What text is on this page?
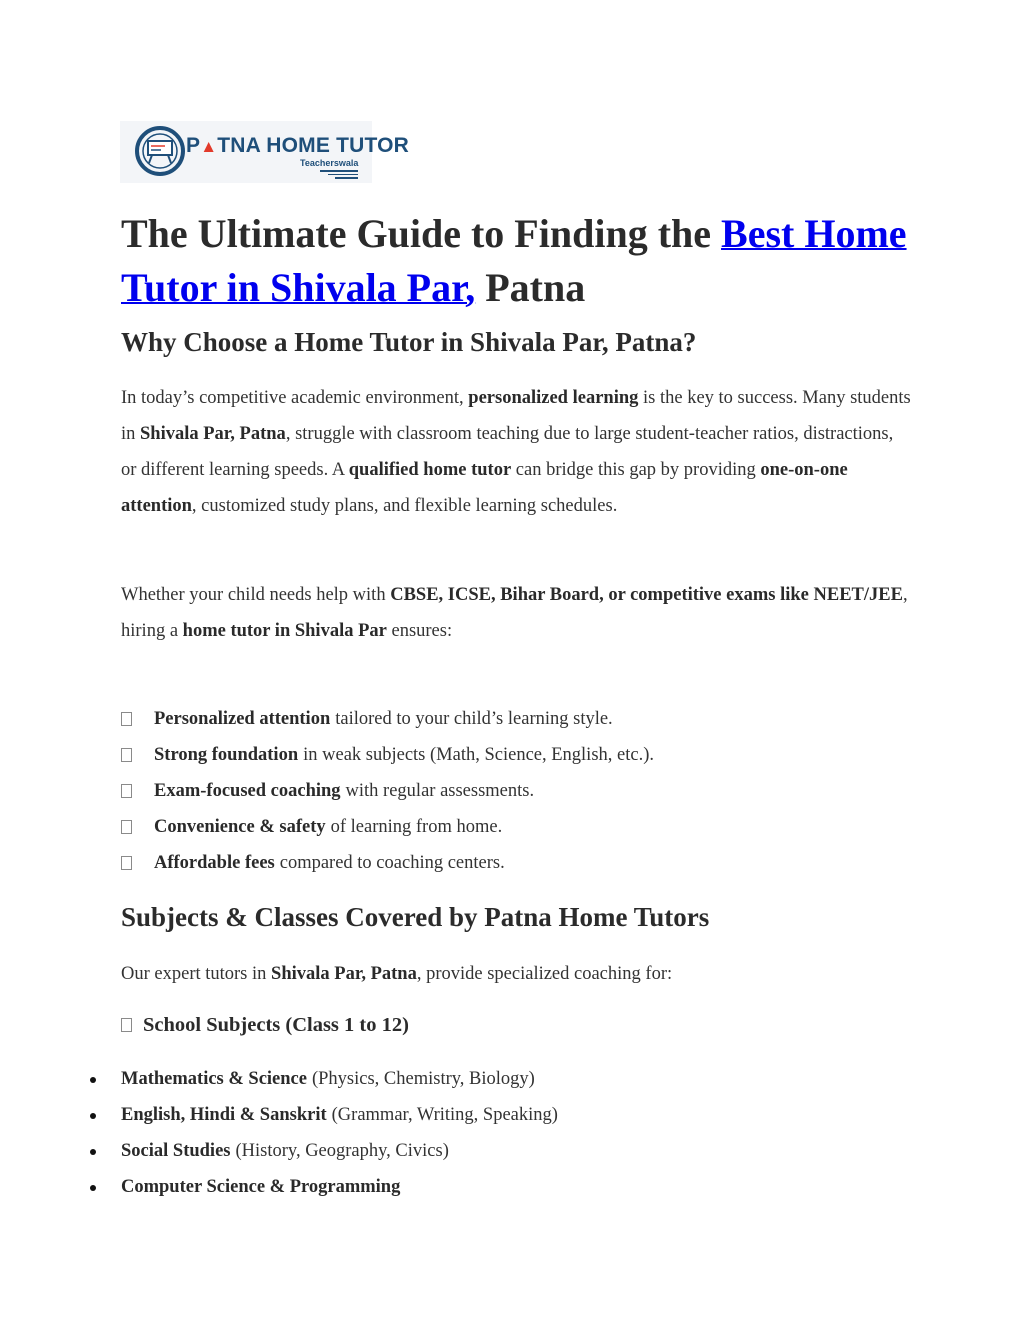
P▲TNA HOME TUTOR
Teacherswala
The Ultimate Guide to Finding the Best Home Tutor in Shivala Par, Patna
Why Choose a Home Tutor in Shivala Par, Patna?

In today’s competitive academic environment, personalized learning is the key to success. Many students in Shivala Par, Patna, struggle with classroom teaching due to large student-teacher ratios, distractions, or different learning speeds. A qualified home tutor can bridge this gap by providing one-on-one attention, customized study plans, and flexible learning schedules.

Whether your child needs help with CBSE, ICSE, Bihar Board, or competitive exams like NEET/JEE, hiring a home tutor in Shivala Par ensures:

Personalized attention tailored to your child’s learning style.
Strong foundation in weak subjects (Math, Science, English, etc.).
Exam-focused coaching with regular assessments.
Convenience & safety of learning from home.
Affordable fees compared to coaching centers.
Subjects & Classes Covered by Patna Home Tutors

Our expert tutors in Shivala Par, Patna, provide specialized coaching for:

School Subjects (Class 1 to 12)
Mathematics & Science (Physics, Chemistry, Biology)
English, Hindi & Sanskrit (Grammar, Writing, Speaking)
Social Studies (History, Geography, Civics)
Computer Science & Programming
